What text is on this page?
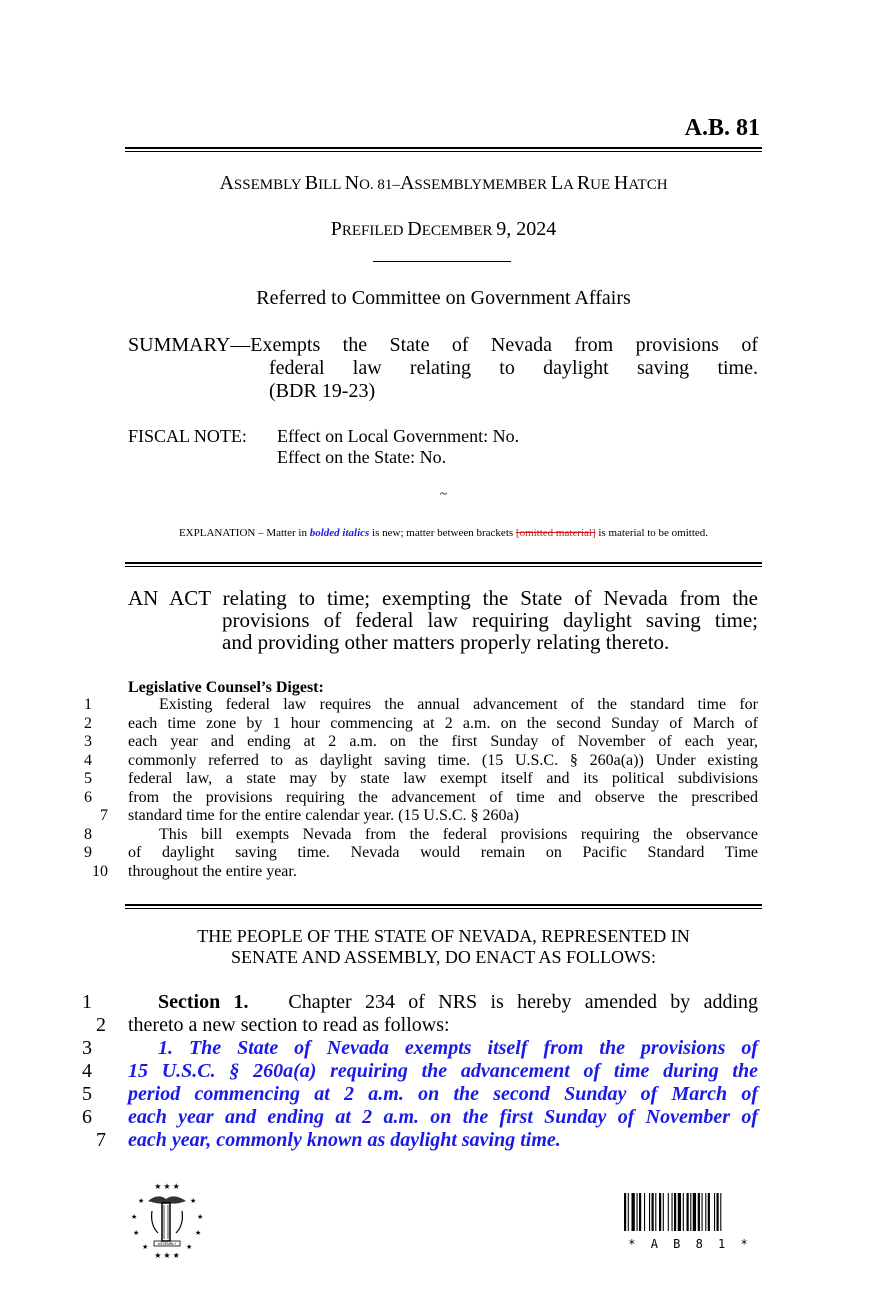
A.B. 81
ASSEMBLY BILL NO. 81–ASSEMBLYMEMBER LA RUE HATCH
PREFILED DECEMBER 9, 2024
Referred to Committee on Government Affairs
SUMMARY—Exempts the State of Nevada from provisions of
federal law relating to daylight saving time.
(BDR 19-23)
FISCAL NOTE: Effect on Local Government: No.
Effect on the State: No.
~
EXPLANATION – Matter in bolded italics is new; matter between brackets [omitted material] is material to be omitted.
AN ACT relating to time; exempting the State of Nevada from the
provisions of federal law requiring daylight saving time;
and providing other matters properly relating thereto.
Legislative Counsel’s Digest:
1	Existing federal law requires the annual advancement of the standard time for
2	each time zone by 1 hour commencing at 2 a.m. on the second Sunday of March of
3	each year and ending at 2 a.m. on the first Sunday of November of each year,
4	commonly referred to as daylight saving time. (15 U.S.C. § 260a(a)) Under existing
5	federal law, a state may by state law exempt itself and its political subdivisions
6	from the provisions requiring the advancement of time and observe the prescribed
7 standard time for the entire calendar year. (15 U.S.C. § 260a)
8	This bill exempts Nevada from the federal provisions requiring the observance
9	of daylight saving time. Nevada would remain on Pacific Standard Time
10 throughout the entire year.
THE PEOPLE OF THE STATE OF NEVADA, REPRESENTED IN
SENATE AND ASSEMBLY, DO ENACT AS FOLLOWS:
1	Section 1. Chapter 234 of NRS is hereby amended by adding
2 thereto a new section to read as follows:
3	1. The State of Nevada exempts itself from the provisions of
4	15 U.S.C. § 260a(a) requiring the advancement of time during the
5	period commencing at 2 a.m. on the second Sunday of March of
6	each year and ending at 2 a.m. on the first Sunday of November of
7 each year, commonly known as daylight saving time.
★ ★ ★
★	★
★	★
★	★
★	★
★ ★ ★
ASSEMBLY	* A B 8 1 *
